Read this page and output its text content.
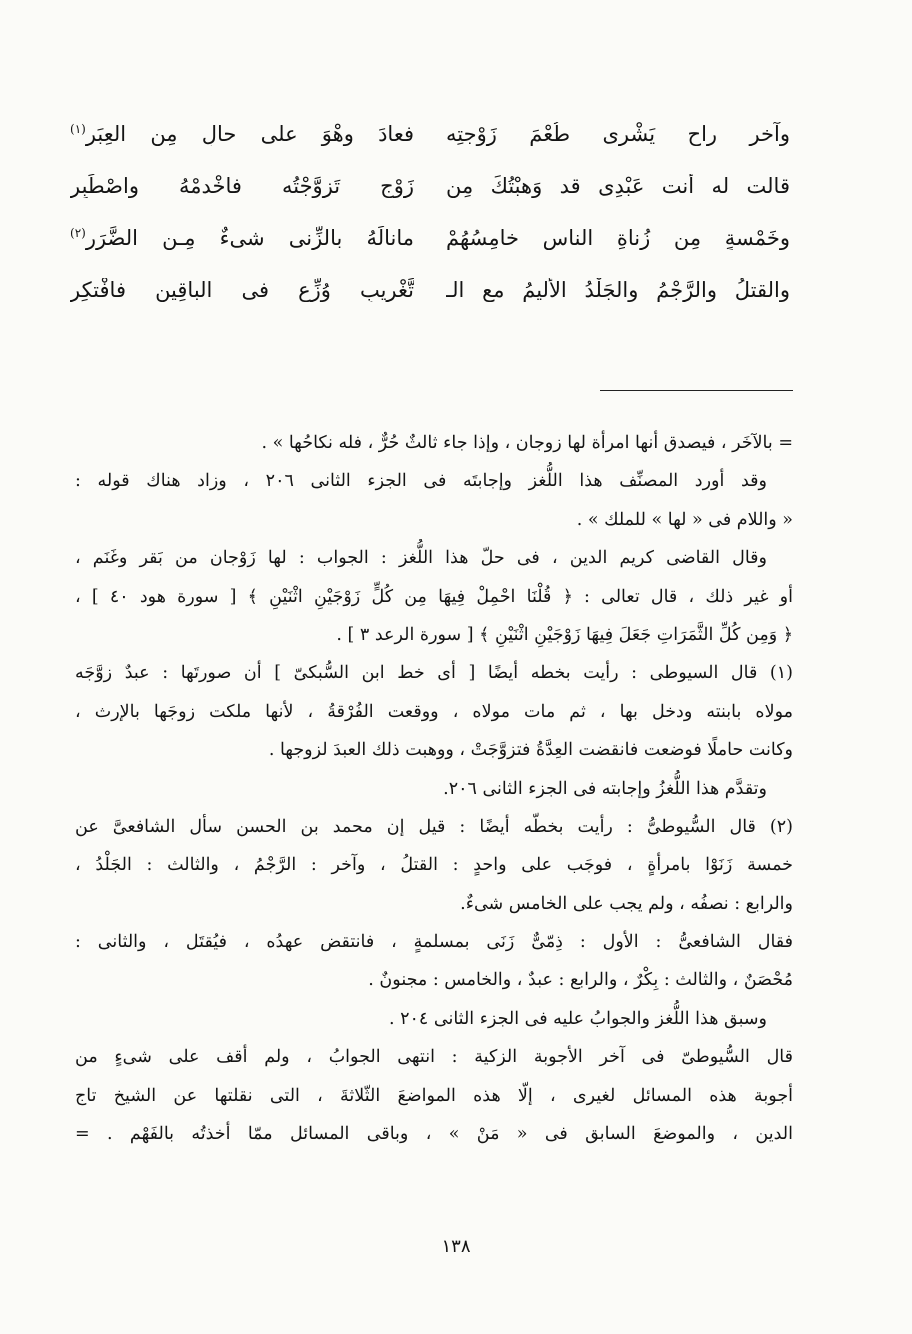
وآخر راح يَشْرِى طُعْمَ زَوْجتِه
فعادَ وهْوَ على حالٍ مِن العِبَرِ$^{(١)}$
قالت له أنت عَبْدِى قد وَهبْتُكَ مِن
زَوْجٍ تَزوَّجْتُه فاخْدمْهُ واصْطَبِرِ
وخَمْسةٍ مِن زُناةِ الناسِ خامِسُهُمْ
مانالَهُ بالزِّنى شىءٌ مِـن الضَّرَرِ$^{(٢)}$
والقتلُ والرَّجْمُ والجَلْدُ الأليمُ مع الـ
تَّغْريبِ وُزِّع فى الباقِين فافْتكِرِ
= بالآخَر ، فيصدق أنها امرأة لها زوجان ، وإذا جاء ثالثٌ حُرٌّ ، فله نكاحُها » .
وقد أورد المصنِّف هذا اللُّغز وإجابتَه فى الجزء الثانى ٢٠٦ ، وزاد هناك قوله :
« واللام فى « لها » للملك » .
وقال القاضى كريم الدين ، فى حلّ هذا اللُّغز : الجواب : لها زَوْجان من بَقر وغَنَم ،
أو غير ذلك ، قال تعالى : ﴿ قُلْنَا احْمِلْ فِيهَا مِن كُلٍّ زَوْجَيْنِ اثْنَيْنِ ﴾ [ سورة هود ٤٠ ] ،
﴿ وَمِن كُلِّ الثَّمَرَاتِ جَعَلَ فِيهَا زَوْجَيْنِ اثْنَيْنِ ﴾ [ سورة الرعد ٣ ] .
(١) قال السيوطى : رأيت بخطه أيضًا [ أى خط ابن السُّبكىّ ] أن صورتَها : عبدٌ زوَّجَه
مولاه بابنته ودخل بها ، ثم مات مولاه ، ووقعت الفُرْقةُ ، لأنها ملكت زوجَها بالإرث ،
وكانت حاملًا فوضعت فانقضت العِدَّةُ فتزوَّجَتْ ، ووهبت ذلك العبدَ لزوجها .
وتقدَّم هذا اللُّغزُ وإجابته فى الجزء الثانى ٢٠٦.
(٢) قال السُّيوطىُّ : رأيت بخطّه أيضًا : قيل إن محمد بن الحسن سأل الشافعىَّ عن
خمسة زَنَوْا بامرأةٍ ، فوجَب على واحدٍ : القتلُ ، وآخر : الرَّجْمُ ، والثالث : الجَلْدُ ،
والرابع : نصفُه ، ولم يجب على الخامس شىءٌ.
فقال الشافعىُّ : الأول : ذِمّىٌّ زَنَى بمسلمةٍ ، فانتقض عهدُه ، فيُقتَل ، والثانى :
مُحْصَنٌ ، والثالث : بِكْرٌ ، والرابع : عبدٌ ، والخامس : مجنونٌ .
وسبق هذا اللُّغز والجوابُ عليه فى الجزء الثانى ٢٠٤ .
قال السُّيوطىّ فى آخر الأجوبة الزكية : انتهى الجوابُ ، ولم أقف على شىءٍ من
أجوبة هذه المسائل لغيرى ، إلّا هذه المواضعَ الثّلاثةَ ، التى نقلتها عن الشيخ تاج
الدين ، والموضعَ السابق فى « مَنْ » ، وباقى المسائل ممّا أخذتُه بالفَهْم . =
١٣٨
